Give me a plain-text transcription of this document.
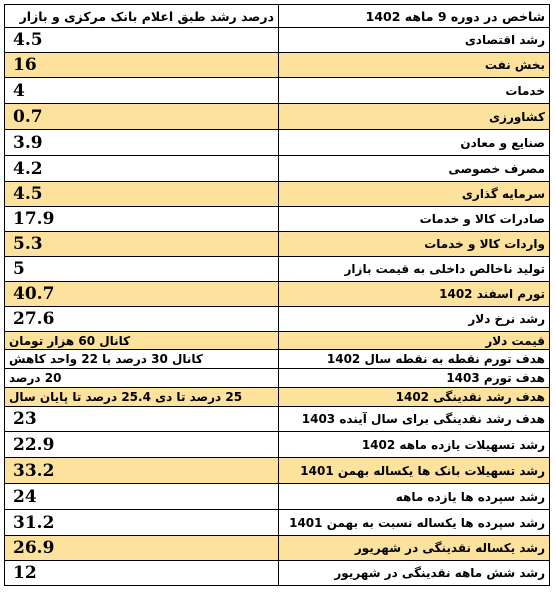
شاخص در دوره 9 ماهه 1402	درصد رشد طبق اعلام بانک مرکزی و بازار
رشد اقتصادی	4.5
بخش نفت	16
خدمات	4
کشاورزی	0.7
صنایع و معادن	3.9
مصرف خصوصی	4.2
سرمایه گذاری	4.5
صادرات کالا و خدمات	17.9
واردات کالا و خدمات	5.3
تولید ناخالص داخلی به قیمت بازار	5
تورم اسفند 1402	40.7
رشد نرخ دلار	27.6
قیمت دلار	کانال 60 هزار تومان
هدف تورم نقطه به نقطه سال 1402	کانال 30 درصد با 22 واحد کاهش
هدف تورم 1403	20 درصد
هدف رشد نقدینگی 1402	25 درصد تا دی 25.4 درصد تا پایان سال
هدف رشد نقدینگی برای سال آینده 1403	23
رشد تسهیلات یازده ماهه 1402	22.9
رشد تسهیلات بانک ها یکساله بهمن 1401	33.2
رشد سپرده ها یازده ماهه	24
رشد سپرده ها یکساله نسبت به بهمن 1401	31.2
رشد یکساله نقدینگی در شهریور	26.9
رشد شش ماهه نقدینگی در شهریور	12
